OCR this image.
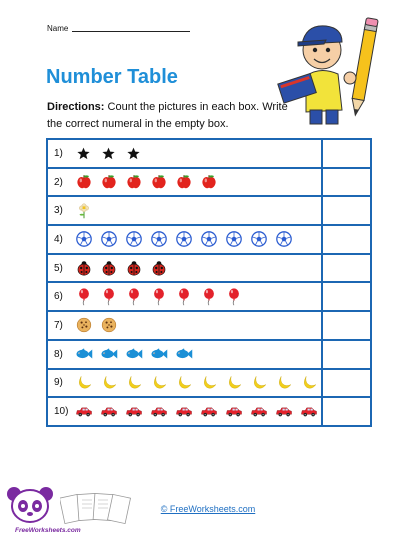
Name
Number Table
Directions: Count the pictures in each box. Write the correct numeral in the empty box.
1)	

2)	

3)	

4)	

5)	

6)	

7)	

8)	

9)	

10)	

© FreeWorksheets.com
FreeWorksheets.com
